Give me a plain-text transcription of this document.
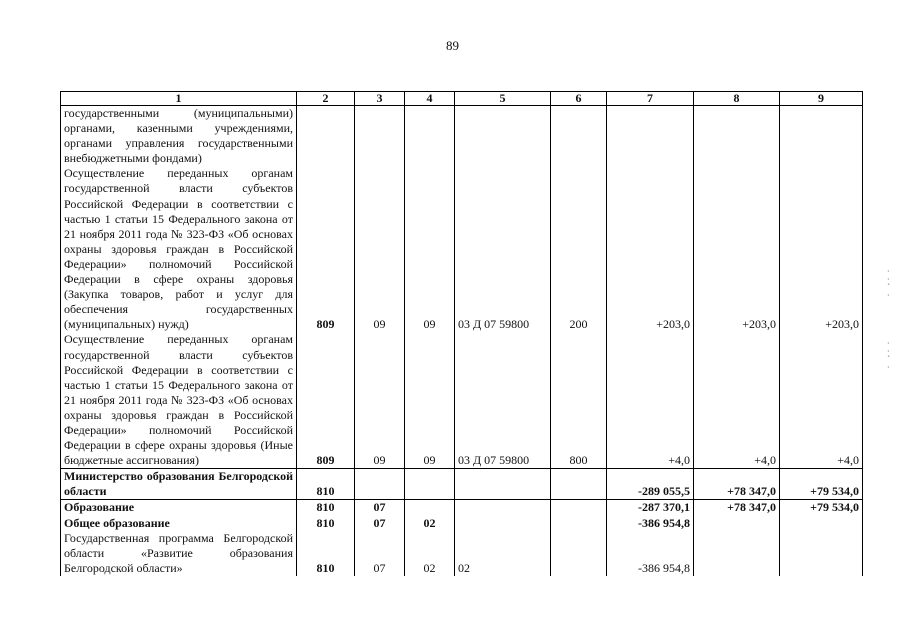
89
1	2	3	4	5	6	7	8	9
государственными (муниципальными) органами, казенными учреждениями, органами управления государственными внебюджетными фондами)								
Осуществление переданных органам государственной власти субъектов Российской Федерации в соответствии с частью 1 статьи 15 Федерального закона от 21 ноября 2011 года № 323-ФЗ «Об основах охраны здоровья граждан в Российской Федерации» полномочий Российской Федерации в сфере охраны здоровья (Закупка товаров, работ и услуг для обеспечения государственных (муниципальных) нужд)	809	09	09	03 Д 07 59800	200	+203,0	+203,0	+203,0
Осуществление переданных органам государственной власти субъектов Российской Федерации в соответствии с частью 1 статьи 15 Федерального закона от 21 ноября 2011 года № 323-ФЗ «Об основах охраны здоровья граждан в Российской Федерации» полномочий Российской Федерации в сфере охраны здоровья (Иные бюджетные ассигнования)	809	09	09	03 Д 07 59800	800	+4,0	+4,0	+4,0
Министерство образования Белгородской области	810					-289 055,5	+78 347,0	+79 534,0
Образование	810	07				-287 370,1	+78 347,0	+79 534,0
Общее образование	810	07	02			-386 954,8		
Государственная программа Белгородской области «Развитие образования Белгородской области»	810	07	02	02		-386 954,8		
·
·
ˋ
·
·
·
ˋ
·
